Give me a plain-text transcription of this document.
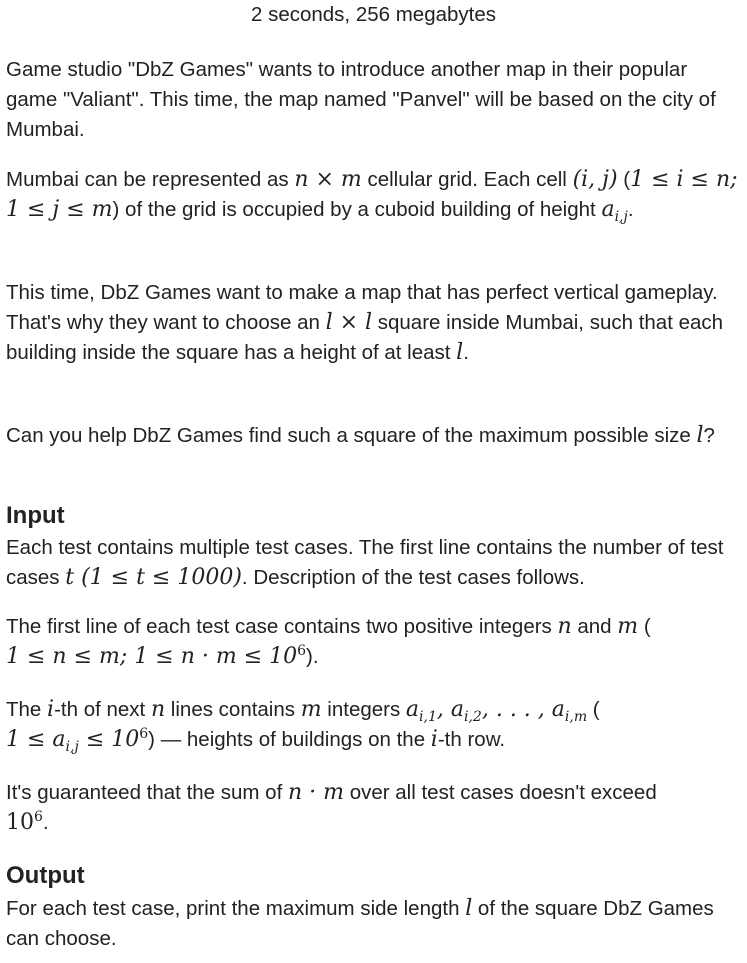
2 seconds, 256 megabytes

Game studio "DbZ Games" wants to introduce another map in their popular game "Valiant". This time, the map named "Panvel" will be based on the city of Mumbai.

Mumbai can be represented as n × m cellular grid. Each cell (i, j) (1 ≤ i ≤ n; 1 ≤ j ≤ m) of the grid is occupied by a cuboid building of height $a_{i,j}$.

This time, DbZ Games want to make a map that has perfect vertical gameplay. That's why they want to choose an l × l square inside Mumbai, such that each building inside the square has a height of at least l.

Can you help DbZ Games find such a square of the maximum possible size l?

Input

Each test contains multiple test cases. The first line contains the number of test cases t (1 ≤ t ≤ 1000). Description of the test cases follows.

The first line of each test case contains two positive integers n and m (
1 ≤ n ≤ m; $1 \le n \cdot m \le 10^6$).

The i-th of next n lines contains m integers $a_{i,1}$, $a_{i,2}$, . . . , $a_{i,m}$ (
$1 \le a_{i,j} \le 10^6$) — heights of buildings on the i-th row.

It's guaranteed that the sum of n · m over all test cases doesn't exceed
$10^6$.

Output

For each test case, print the maximum side length l of the square DbZ Games can choose.
